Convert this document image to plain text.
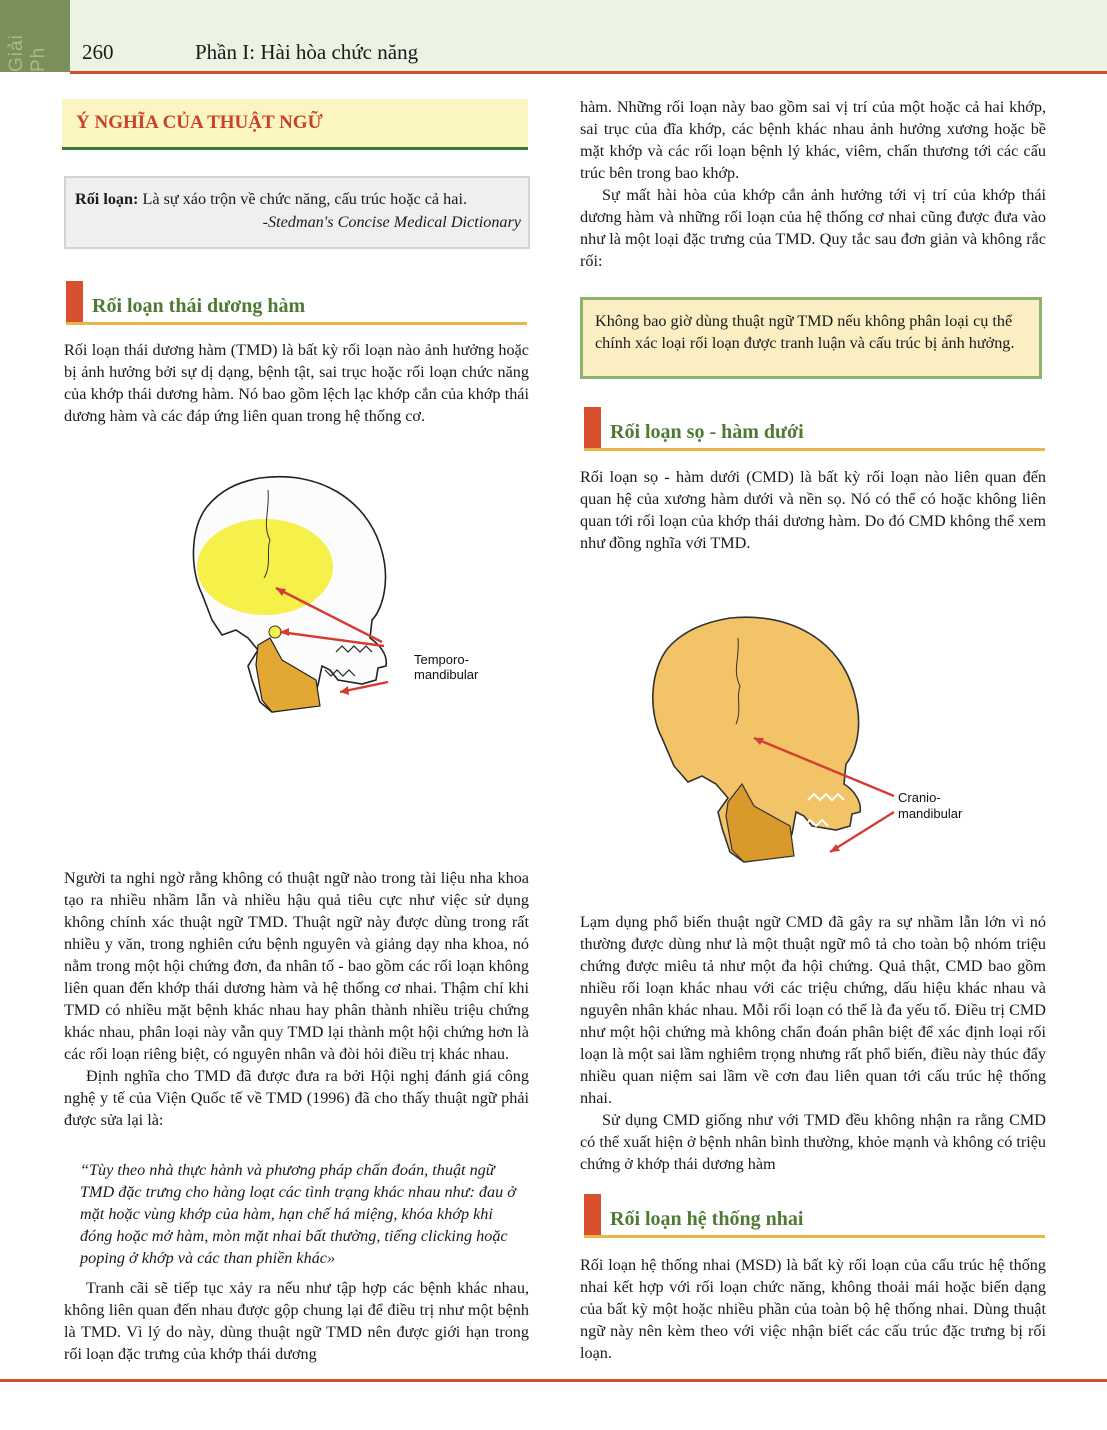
Giải Ph 260	Phần I: Hài hòa chức năng
Ý NGHĨA CỦA THUẬT NGỮ
Rối loạn: Là sự xáo trộn về chức năng, cấu trúc hoặc cả hai.
-Stedman's Concise Medical Dictionary
Rối loạn thái dương hàm

Rối loạn thái dương hàm (TMD) là bất kỳ rối loạn nào ảnh hưởng hoặc bị ảnh hưởng bởi sự dị dạng, bệnh tật, sai trục hoặc rối loạn chức năng của khớp thái dương hàm. Nó bao gồm lệch lạc khớp cắn của khớp thái dương hàm và các đáp ứng liên quan trong hệ thống cơ.

Temporo-
mandibular

Người ta nghi ngờ rằng không có thuật ngữ nào trong tài liệu nha khoa tạo ra nhiều nhầm lẫn và nhiều hậu quả tiêu cực như việc sử dụng không chính xác thuật ngữ TMD. Thuật ngữ này được dùng trong rất nhiều y văn, trong nghiên cứu bệnh nguyên và giảng dạy nha khoa, nó nằm trong một hội chứng đơn, đa nhân tố - bao gồm các rối loạn không liên quan đến khớp thái dương hàm và hệ thống cơ nhai. Thậm chí khi TMD có nhiều mặt bệnh khác nhau hay phân thành nhiều triệu chứng khác nhau, phân loại này vẫn quy TMD lại thành một hội chứng hơn là các rối loạn riêng biệt, có nguyên nhân và đòi hỏi điều trị khác nhau.

Định nghĩa cho TMD đã được đưa ra bởi Hội nghị đánh giá công nghệ y tế của Viện Quốc tế về TMD (1996) đã cho thấy thuật ngữ phải được sửa lại là:

“Tùy theo nhà thực hành và phương pháp chẩn đoán, thuật ngữ TMD đặc trưng cho hàng loạt các tình trạng khác nhau như: đau ở mặt hoặc vùng khớp của hàm, hạn chế há miệng, khóa khớp khi đóng hoặc mở hàm, mòn mặt nhai bất thường, tiếng clicking hoặc poping ở khớp và các than phiền khác»

Tranh cãi sẽ tiếp tục xảy ra nếu như tập hợp các bệnh khác nhau, không liên quan đến nhau được gộp chung lại để điều trị như một bệnh là TMD. Vì lý do này, dùng thuật ngữ TMD nên được giới hạn trong rối loạn đặc trưng của khớp thái dương

hàm. Những rối loạn này bao gồm sai vị trí của một hoặc cả hai khớp, sai trục của đĩa khớp, các bệnh khác nhau ảnh hưởng xương hoặc bề mặt khớp và các rối loạn bệnh lý khác, viêm, chấn thương tới các cấu trúc bên trong bao khớp.

Sự mất hài hòa của khớp cắn ảnh hưởng tới vị trí của khớp thái dương hàm và những rối loạn của hệ thống cơ nhai cũng được đưa vào như là một loại đặc trưng của TMD. Quy tắc sau đơn giản và không rắc rối:

Không bao giờ dùng thuật ngữ TMD nếu không phân loại cụ thể chính xác loại rối loạn được tranh luận và cấu trúc bị ảnh hưởng.
Rối loạn sọ - hàm dưới

Rối loạn sọ - hàm dưới (CMD) là bất kỳ rối loạn nào liên quan đến quan hệ của xương hàm dưới và nền sọ. Nó có thể có hoặc không liên quan tới rối loạn của khớp thái dương hàm. Do đó CMD không thể xem như đồng nghĩa với TMD.

Cranio-
mandibular

Lạm dụng phổ biến thuật ngữ CMD đã gây ra sự nhầm lẫn lớn vì nó thường được dùng như là một thuật ngữ mô tả cho toàn bộ nhóm triệu chứng được miêu tả như một đa hội chứng. Quả thật, CMD bao gồm nhiều rối loạn khác nhau với các triệu chứng, dấu hiệu khác nhau và nguyên nhân khác nhau. Mỗi rối loạn có thể là đa yếu tố. Điều trị CMD như một hội chứng mà không chẩn đoán phân biệt để xác định loại rối loạn là một sai lầm nghiêm trọng nhưng rất phổ biến, điều này thúc đẩy nhiều quan niệm sai lầm về cơn đau liên quan tới cấu trúc hệ thống nhai.

Sử dụng CMD giống như với TMD đều không nhận ra rằng CMD có thể xuất hiện ở bệnh nhân bình thường, khỏe mạnh và không có triệu chứng ở khớp thái dương hàm

Rối loạn hệ thống nhai

Rối loạn hệ thống nhai (MSD) là bất kỳ rối loạn của cấu trúc hệ thống nhai kết hợp với rối loạn chức năng, không thoải mái hoặc biến dạng của bất kỳ một hoặc nhiều phần của toàn bộ hệ thống nhai. Dùng thuật ngữ này nên kèm theo với việc nhận biết các cấu trúc đặc trưng bị rối loạn.
